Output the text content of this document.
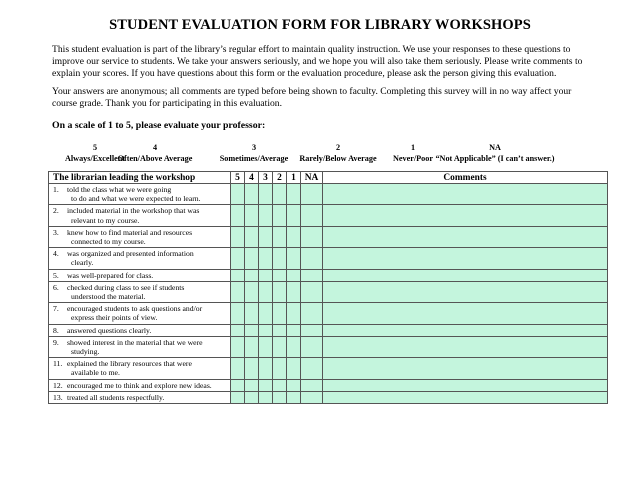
STUDENT EVALUATION FORM FOR LIBRARY WORKSHOPS
This student evaluation is part of the library’s regular effort to maintain quality instruction. We use your responses to these questions to improve our service to students. We take your answers seriously, and we hope you will also take them seriously. Please write comments to explain your scores. If you have questions about this form or the evaluation procedure, please ask the person giving this evaluation.
Your answers are anonymous; all comments are typed before being shown to faculty. Completing this survey will in no way affect your course grade. Thank you for participating in this evaluation.
On a scale of 1 to 5, please evaluate your professor:
5
Always/Excellent
4
Often/Above Average
3
Sometimes/Average
2
Rarely/Below Average
1
Never/Poor
NA
“Not Applicable” (I can’t answer.)
The librarian leading the workshop	5	4	3	2	1	NA	Comments
1. told the class what we were going
to do and what we were expected to learn.							

2. included material in the workshop that was
relevant to my course.							

3. knew how to find material and resources
connected to my course.							

4. was organized and presented information
clearly.							

5. was well-prepared for class.							
6. checked during class to see if students
understood the material.							

7. encouraged students to ask questions and/or
express their points of view.							

8. answered questions clearly.							
9. showed interest in the material that we were
studying.							

11. explained the library resources that were
available to me.							

12. encouraged me to think and explore new ideas.							
13. treated all students respectfully.							
